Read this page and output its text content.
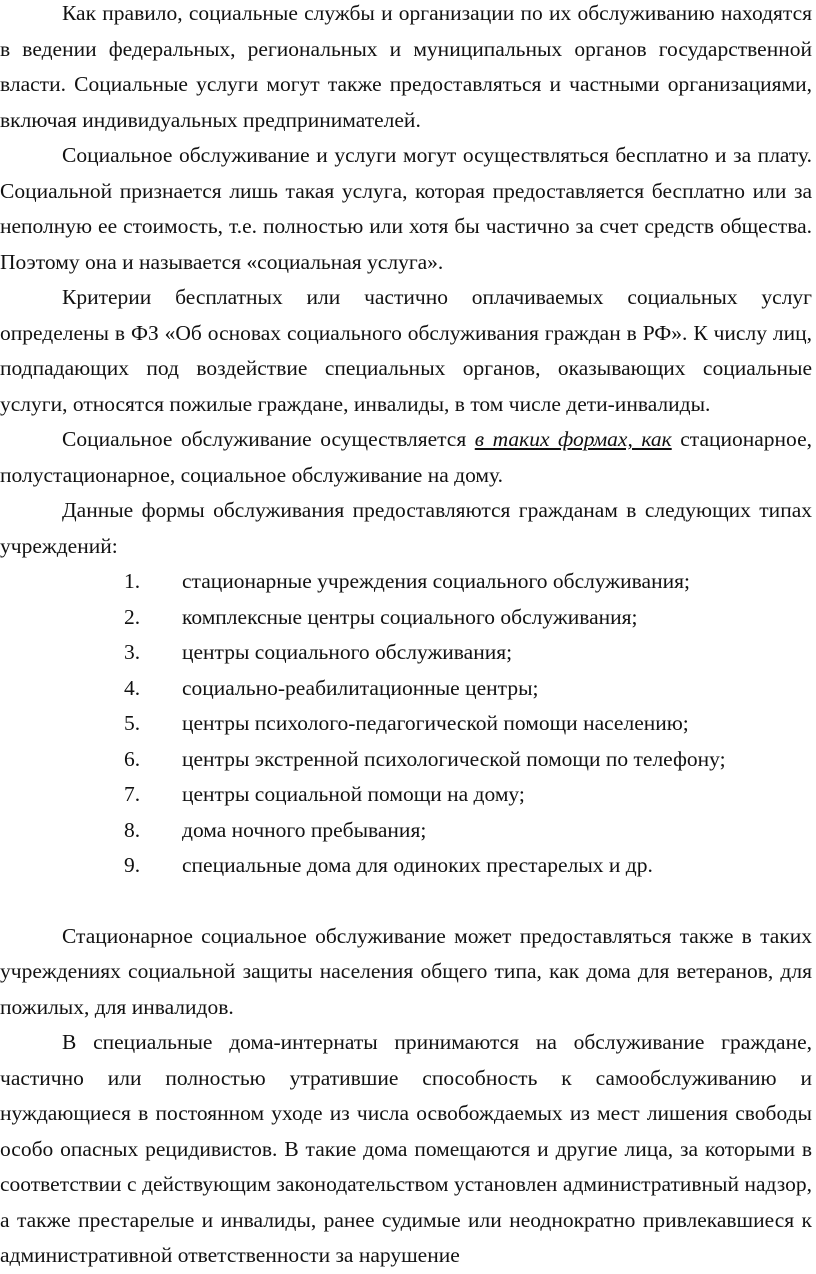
Как правило, социальные службы и организации по их обслуживанию находятся в ведении федеральных, региональных и муниципальных органов государственной власти. Социальные услуги могут также предоставляться и частными организациями, включая индивидуальных предпринимателей.

Социальное обслуживание и услуги могут осуществляться бесплатно и за плату. Социальной признается лишь такая услуга, которая предоставляется бесплатно или за неполную ее стоимость, т.е. полностью или хотя бы частично за счет средств общества. Поэтому она и называется «социальная услуга».

Критерии бесплатных или частично оплачиваемых социальных услуг определены в ФЗ «Об основах социального обслуживания граждан в РФ». К числу лиц, подпадающих под воздействие специальных органов, оказывающих социальные услуги, относятся пожилые граждане, инвалиды, в том числе дети-инвалиды.

Социальное обслуживание осуществляется в таких формах, как стационарное, полустационарное, социальное обслуживание на дому.

Данные формы обслуживания предоставляются гражданам в следующих типах учреждений:

1.	стационарные учреждения социального обслуживания;
2.	комплексные центры социального обслуживания;
3.	центры социального обслуживания;
4.	социально-реабилитационные центры;
5.	центры психолого-педагогической помощи населению;
6.	центры экстренной психологической помощи по телефону;
7.	центры социальной помощи на дому;
8.	дома ночного пребывания;
9.	специальные дома для одиноких престарелых и др.

Стационарное социальное обслуживание может предоставляться также в таких учреждениях социальной защиты населения общего типа, как дома для ветеранов, для пожилых, для инвалидов.

В специальные дома-интернаты принимаются на обслуживание граждане, частично или полностью утратившие способность к самообслуживанию и нуждающиеся в постоянном уходе из числа освобождаемых из мест лишения свободы особо опасных рецидивистов. В такие дома помещаются и другие лица, за которыми в соответствии с действующим законодательством установлен административный надзор, а также престарелые и инвалиды, ранее судимые или неоднократно привлекавшиеся к административной ответственности за нарушение
